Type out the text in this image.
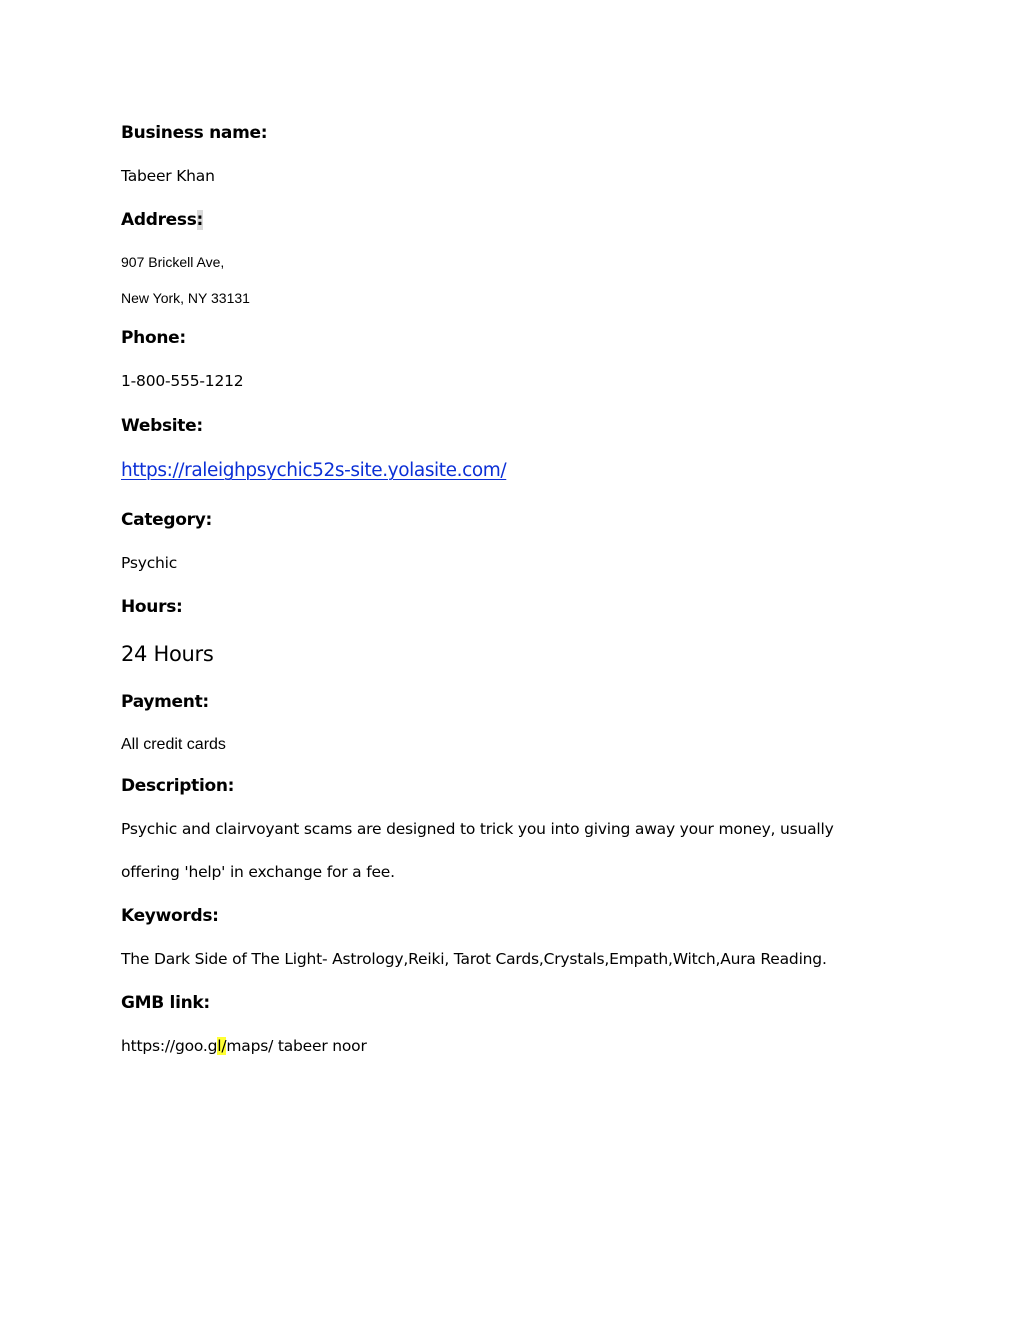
Business name:
Tabeer Khan
Address:
907 Brickell Ave,
New York, NY 33131
Phone:
1-800-555-1212
Website:
https://raleighpsychic52s-site.yolasite.com/
Category:
Psychic
Hours:
24 Hours
Payment:
All credit cards
Description:
Psychic and clairvoyant scams are designed to trick you into giving away your money, usually
offering 'help' in exchange for a fee.
Keywords:
The Dark Side of The Light- Astrology,Reiki, Tarot Cards,Crystals,Empath,Witch,Aura Reading.
GMB link:
https://goo.gl/maps/ tabeer noor
